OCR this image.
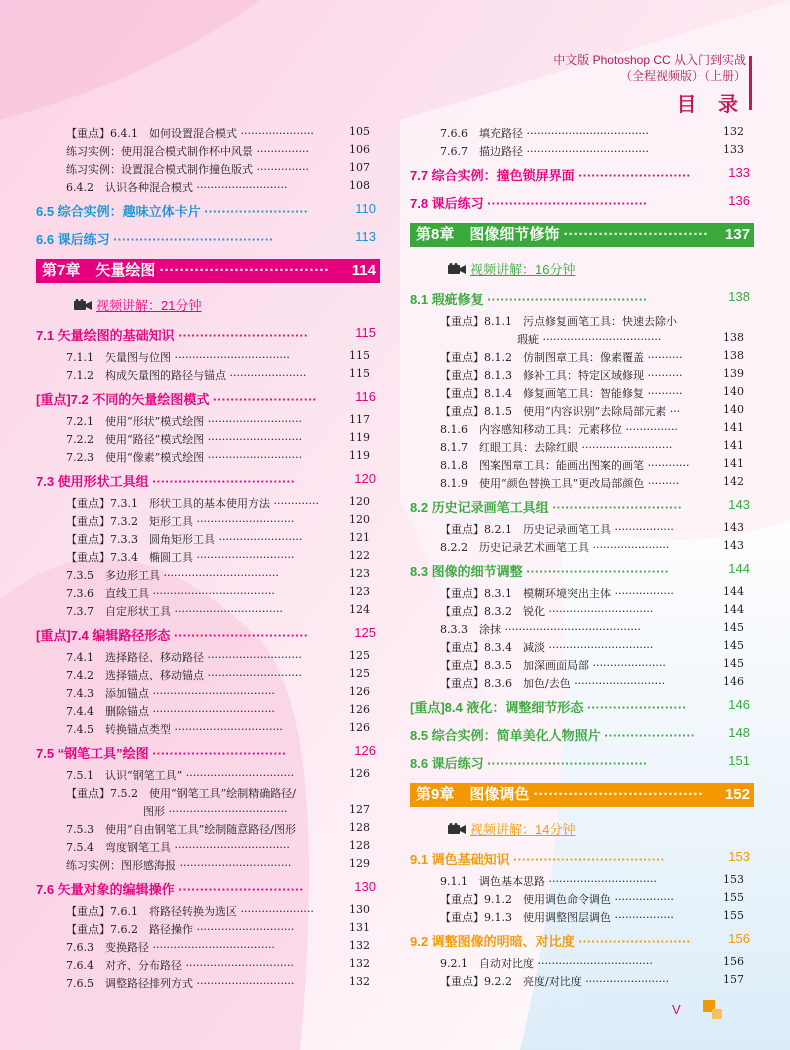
中文版 Photoshop CC 从入门到实战
（全程视频版）（上册）
目 录
V
【重点】6.4.1　如何设置混合模式 ·····················	105
练习实例：使用混合模式制作杯中风景 ···············	106
练习实例：设置混合模式制作撞色版式 ···············	107
6.4.2　认识各种混合模式 ··························	108
6.5 综合实例：趣味立体卡片 ························	110
6.6 课后练习 ·····································	113
第7章　矢量绘图 ·································· 114
视频讲解：21分钟
7.1 矢量绘图的基础知识 ······························	115
7.1.1　矢量图与位图 ·································	115
7.1.2　构成矢量图的路径与锚点 ······················	115
[重点]7.2 不同的矢量绘图模式 ························	116
7.2.1　使用“形状”模式绘图 ···························	117
7.2.2　使用“路径”模式绘图 ···························	119
7.2.3　使用“像素”模式绘图 ···························	119
7.3 使用形状工具组 ·································	120
【重点】7.3.1　形状工具的基本使用方法 ·············	120
【重点】7.3.2　矩形工具 ····························	120
【重点】7.3.3　圆角矩形工具 ························	121
【重点】7.3.4　椭圆工具 ····························	122
7.3.5　多边形工具 ·································	123
7.3.6　直线工具 ···································	123
7.3.7　自定形状工具 ·······························	124
[重点]7.4 编辑路径形态 ·······························	125
7.4.1　选择路径、移动路径 ···························	125
7.4.2　选择锚点、移动锚点 ···························	125
7.4.3　添加锚点 ···································	126
7.4.4　删除锚点 ···································	126
7.4.5　转换锚点类型 ·······························	126
7.5 “钢笔工具”绘图 ·······························	126
7.5.1　认识“钢笔工具” ·······························	126
【重点】7.5.2　使用“钢笔工具”绘制精确路径/
　　　　　　　图形 ··································	127
7.5.3　使用“自由钢笔工具”绘制随意路径/图形	128
7.5.4　弯度钢笔工具 ·································	128
练习实例：图形感海报 ································	129
7.6 矢量对象的编辑操作 ·····························	130
【重点】7.6.1　将路径转换为选区 ·····················	130
【重点】7.6.2　路径操作 ····························	131
7.6.3　变换路径 ···································	132
7.6.4　对齐、分布路径 ·······························	132
7.6.5　调整路径排列方式 ····························	132
7.6.6　填充路径 ···································	132
7.6.7　描边路径 ···································	133
7.7 综合实例：撞色锁屏界面 ··························	133
7.8 课后练习 ·····································	136
第8章　图像细节修饰 ····························· 137
视频讲解：16分钟
8.1 瑕疵修复 ·····································	138
【重点】8.1.1　污点修复画笔工具：快速去除小
　　　　　　　瑕疵 ··································	138
【重点】8.1.2　仿制图章工具：像素覆盖 ··········	138
【重点】8.1.3　修补工具：特定区域修现 ··········	139
【重点】8.1.4　修复画笔工具：智能修复 ··········	140
【重点】8.1.5　使用“内容识别”去除局部元素 ···	140
8.1.6　内容感知移动工具：元素移位 ···············	141
8.1.7　红眼工具：去除红眼 ··························	141
8.1.8　图案图章工具：能画出图案的画笔 ············	141
8.1.9　使用“颜色替换工具”更改局部颜色 ·········	142
8.2 历史记录画笔工具组 ······························	143
【重点】8.2.1　历史记录画笔工具 ·················	143
8.2.2　历史记录艺术画笔工具 ······················	143
8.3 图像的细节调整 ·································	144
【重点】8.3.1　模糊环境突出主体 ·················	144
【重点】8.3.2　锐化 ······························	144
8.3.3　涂抹 ·······································	145
【重点】8.3.4　减淡 ······························	145
【重点】8.3.5　加深画面局部 ·····················	145
【重点】8.3.6　加色/去色 ··························	146
[重点]8.4 液化：调整细节形态 ·······················	146
8.5 综合实例：简单美化人物照片 ·····················	148
8.6 课后练习 ·····································	151
第9章　图像调色 ·································· 152
视频讲解：14分钟
9.1 调色基础知识 ···································	153
9.1.1　调色基本思路 ·······························	153
【重点】9.1.2　使用调色命令调色 ·················	155
【重点】9.1.3　使用调整图层调色 ·················	155
9.2 调整图像的明暗、对比度 ··························	156
9.2.1　自动对比度 ·································	156
【重点】9.2.2　亮度/对比度 ························	157
